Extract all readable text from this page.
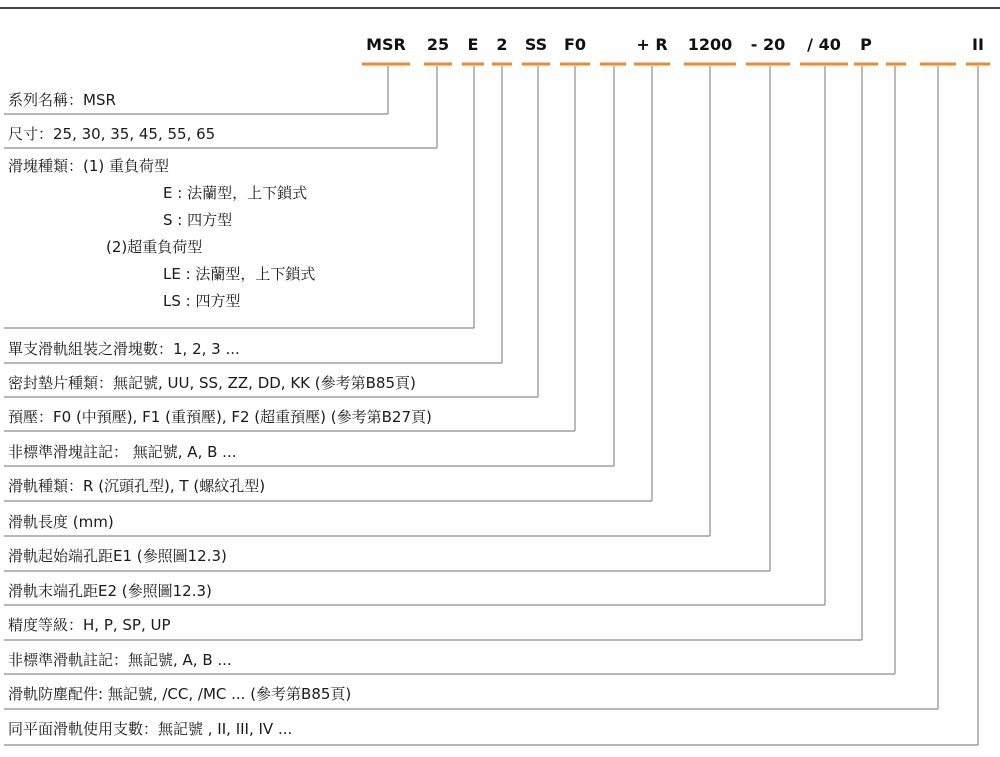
MSR 25	E	2 SS F0	+ R 1200 - 20	/ 40	P	II
系列名稱：MSR
尺寸：25, 30, 35, 45, 55, 65
滑塊種類：(1) 重負荷型
E : 法蘭型，上下鎖式
S : 四方型
(2)超重負荷型
LE : 法蘭型，上下鎖式
LS : 四方型
單支滑軌組裝之滑塊數：1, 2, 3 ...
密封墊片種類：無記號, UU, SS, ZZ, DD, KK (參考第B85頁)
預壓：F0 (中預壓), F1 (重預壓), F2 (超重預壓) (參考第B27頁)
非標準滑塊註記： 無記號, A, B ...
滑軌種類：R (沉頭孔型), T (螺紋孔型)
滑軌長度 (mm)
滑軌起始端孔距E1 (參照圖12.3)
滑軌末端孔距E2 (參照圖12.3)
精度等級：H, P, SP, UP
非標準滑軌註記：無記號, A, B ...
滑軌防塵配件: 無記號, /CC, /MC ... (參考第B85頁)
同平面滑軌使用支數：無記號 , II, III, IV ...
